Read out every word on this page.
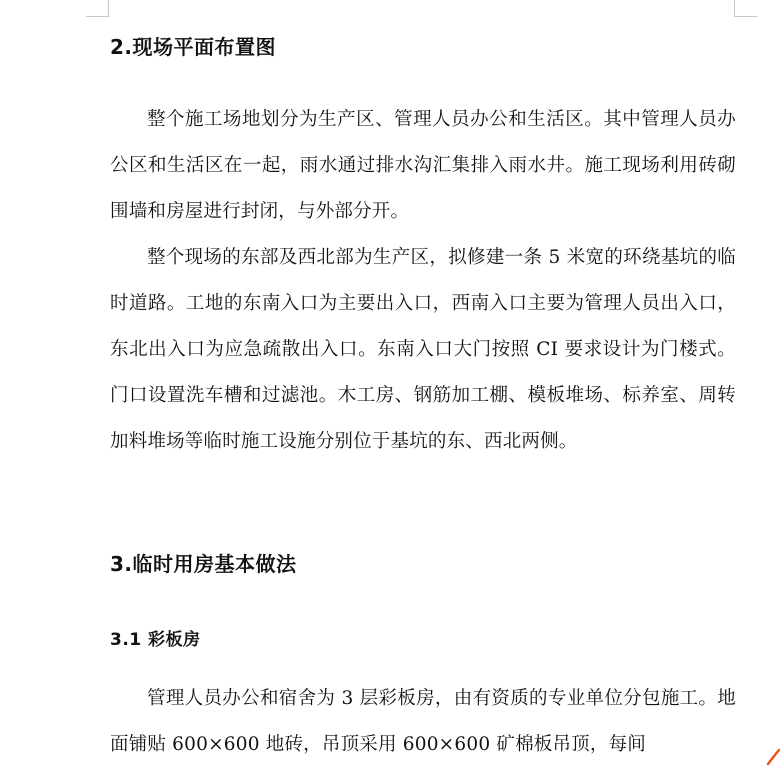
2.现场平面布置图

整个施工场地划分为生产区、管理人员办公和生活区。其中管理人员办公区和生活区在一起，雨水通过排水沟汇集排入雨水井。施工现场利用砖砌围墙和房屋进行封闭，与外部分开。

整个现场的东部及西北部为生产区，拟修建一条 5 米宽的环绕基坑的临时道路。工地的东南入口为主要出入口，西南入口主要为管理人员出入口，东北出入口为应急疏散出入口。东南入口大门按照 CI 要求设计为门楼式。门口设置洗车槽和过滤池。木工房、钢筋加工棚、模板堆场、标养室、周转加料堆场等临时施工设施分别位于基坑的东、西北两侧。

3.临时用房基本做法
3.1 彩板房

管理人员办公和宿舍为 3 层彩板房，由有资质的专业单位分包施工。地面铺贴 600×600 地砖，吊顶采用 600×600 矿棉板吊顶，每间
